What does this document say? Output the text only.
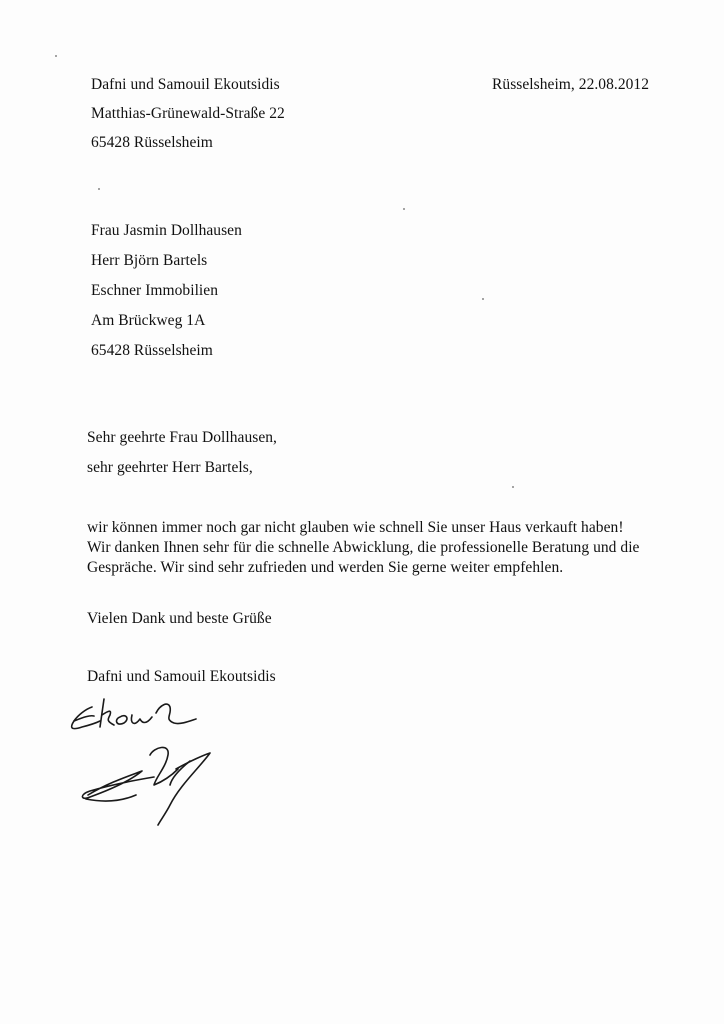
Dafni und Samouil Ekoutsidis
Matthias-Grünewald-Straße 22
65428 Rüsselsheim
Rüsselsheim, 22.08.2012
Frau Jasmin Dollhausen
Herr Björn Bartels
Eschner Immobilien
Am Brückweg 1A
65428 Rüsselsheim
Sehr geehrte Frau Dollhausen,
sehr geehrter Herr Bartels,
wir können immer noch gar nicht glauben wie schnell Sie unser Haus verkauft haben!
Wir danken Ihnen sehr für die schnelle Abwicklung, die professionelle Beratung und die
Gespräche. Wir sind sehr zufrieden und werden Sie gerne weiter empfehlen.
Vielen Dank und beste Grüße
Dafni und Samouil Ekoutsidis
